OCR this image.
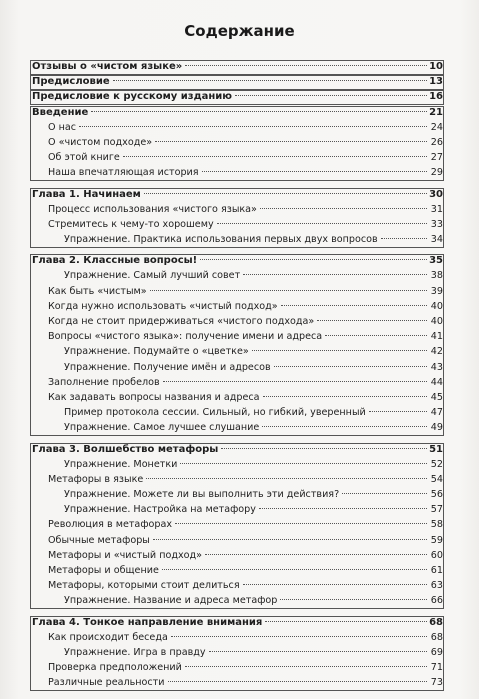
Содержание
Отзывы о «чистом языке»	10
Предисловие	13
Предисловие к русскому изданию	16
Введение	21
О нас	24
О «чистом подходе»	26
Об этой книге	27
Наша впечатляющая история	29
Глава 1. Начинаем	30
Процесс использования «чистого языка»	31
Стремитесь к чему-то хорошему	33
Упражнение. Практика использования первых двух вопросов	34
Глава 2. Классные вопросы!	35
Упражнение. Самый лучший совет	38
Как быть «чистым»	39
Когда нужно использовать «чистый подход»	40
Когда не стоит придерживаться «чистого подхода»	40
Вопросы «чистого языка»: получение имени и адреса	41
Упражнение. Подумайте о «цветке»	42
Упражнение. Получение имён и адресов	43
Заполнение пробелов	44
Как задавать вопросы названия и адреса	45
Пример протокола сессии. Сильный, но гибкий, уверенный	47
Упражнение. Самое лучшее слушание	49
Глава 3. Волшебство метафоры	51
Упражнение. Монетки	52
Метафоры в языке	54
Упражнение. Можете ли вы выполнить эти действия?	56
Упражнение. Настройка на метафору	57
Революция в метафорах	58
Обычные метафоры	59
Метафоры и «чистый подход»	60
Метафоры и общение	61
Метафоры, которыми стоит делиться	63
Упражнение. Название и адреса метафор	66
Глава 4. Тонкое направление внимания	68
Как происходит беседа	68
Упражнение. Игра в правду	69
Проверка предположений	71
Различные реальности	73
